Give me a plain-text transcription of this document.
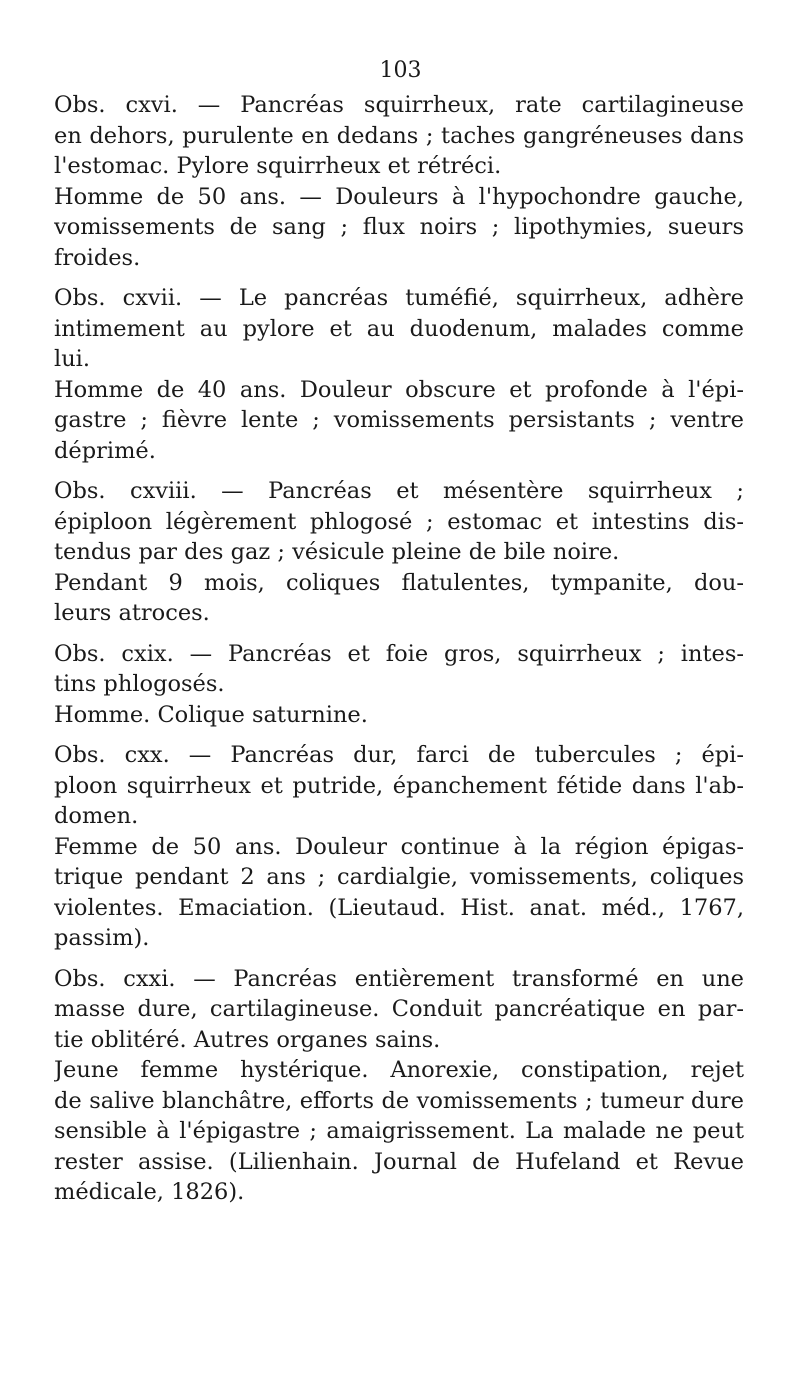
103
Obs. cxvi. — Pancréas squirrheux, rate cartilagineuse
en dehors, purulente en dedans ; taches gangréneuses dans
l'estomac. Pylore squirrheux et rétréci.
Homme de 50 ans. — Douleurs à l'hypochondre gauche,
vomissements de sang ; flux noirs ; lipothymies, sueurs
froides.
Obs. cxvii. — Le pancréas tuméfié, squirrheux, adhère
intimement au pylore et au duodenum, malades comme
lui.
Homme de 40 ans. Douleur obscure et profonde à l'épi-
gastre ; fièvre lente ; vomissements persistants ; ventre
déprimé.
Obs. cxviii. — Pancréas et mésentère squirrheux ;
épiploon légèrement phlogosé ; estomac et intestins dis-
tendus par des gaz ; vésicule pleine de bile noire.
Pendant 9 mois, coliques flatulentes, tympanite, dou-
leurs atroces.
Obs. cxix. — Pancréas et foie gros, squirrheux ; intes-
tins phlogosés.
Homme. Colique saturnine.
Obs. cxx. — Pancréas dur, farci de tubercules ; épi-
ploon squirrheux et putride, épanchement fétide dans l'ab-
domen.
Femme de 50 ans. Douleur continue à la région épigas-
trique pendant 2 ans ; cardialgie, vomissements, coliques
violentes. Emaciation. (Lieutaud. Hist. anat. méd., 1767,
passim).
Obs. cxxi. — Pancréas entièrement transformé en une
masse dure, cartilagineuse. Conduit pancréatique en par-
tie oblitéré. Autres organes sains.
Jeune femme hystérique. Anorexie, constipation, rejet
de salive blanchâtre, efforts de vomissements ; tumeur dure
sensible à l'épigastre ; amaigrissement. La malade ne peut
rester assise. (Lilienhain. Journal de Hufeland et Revue
médicale, 1826).
